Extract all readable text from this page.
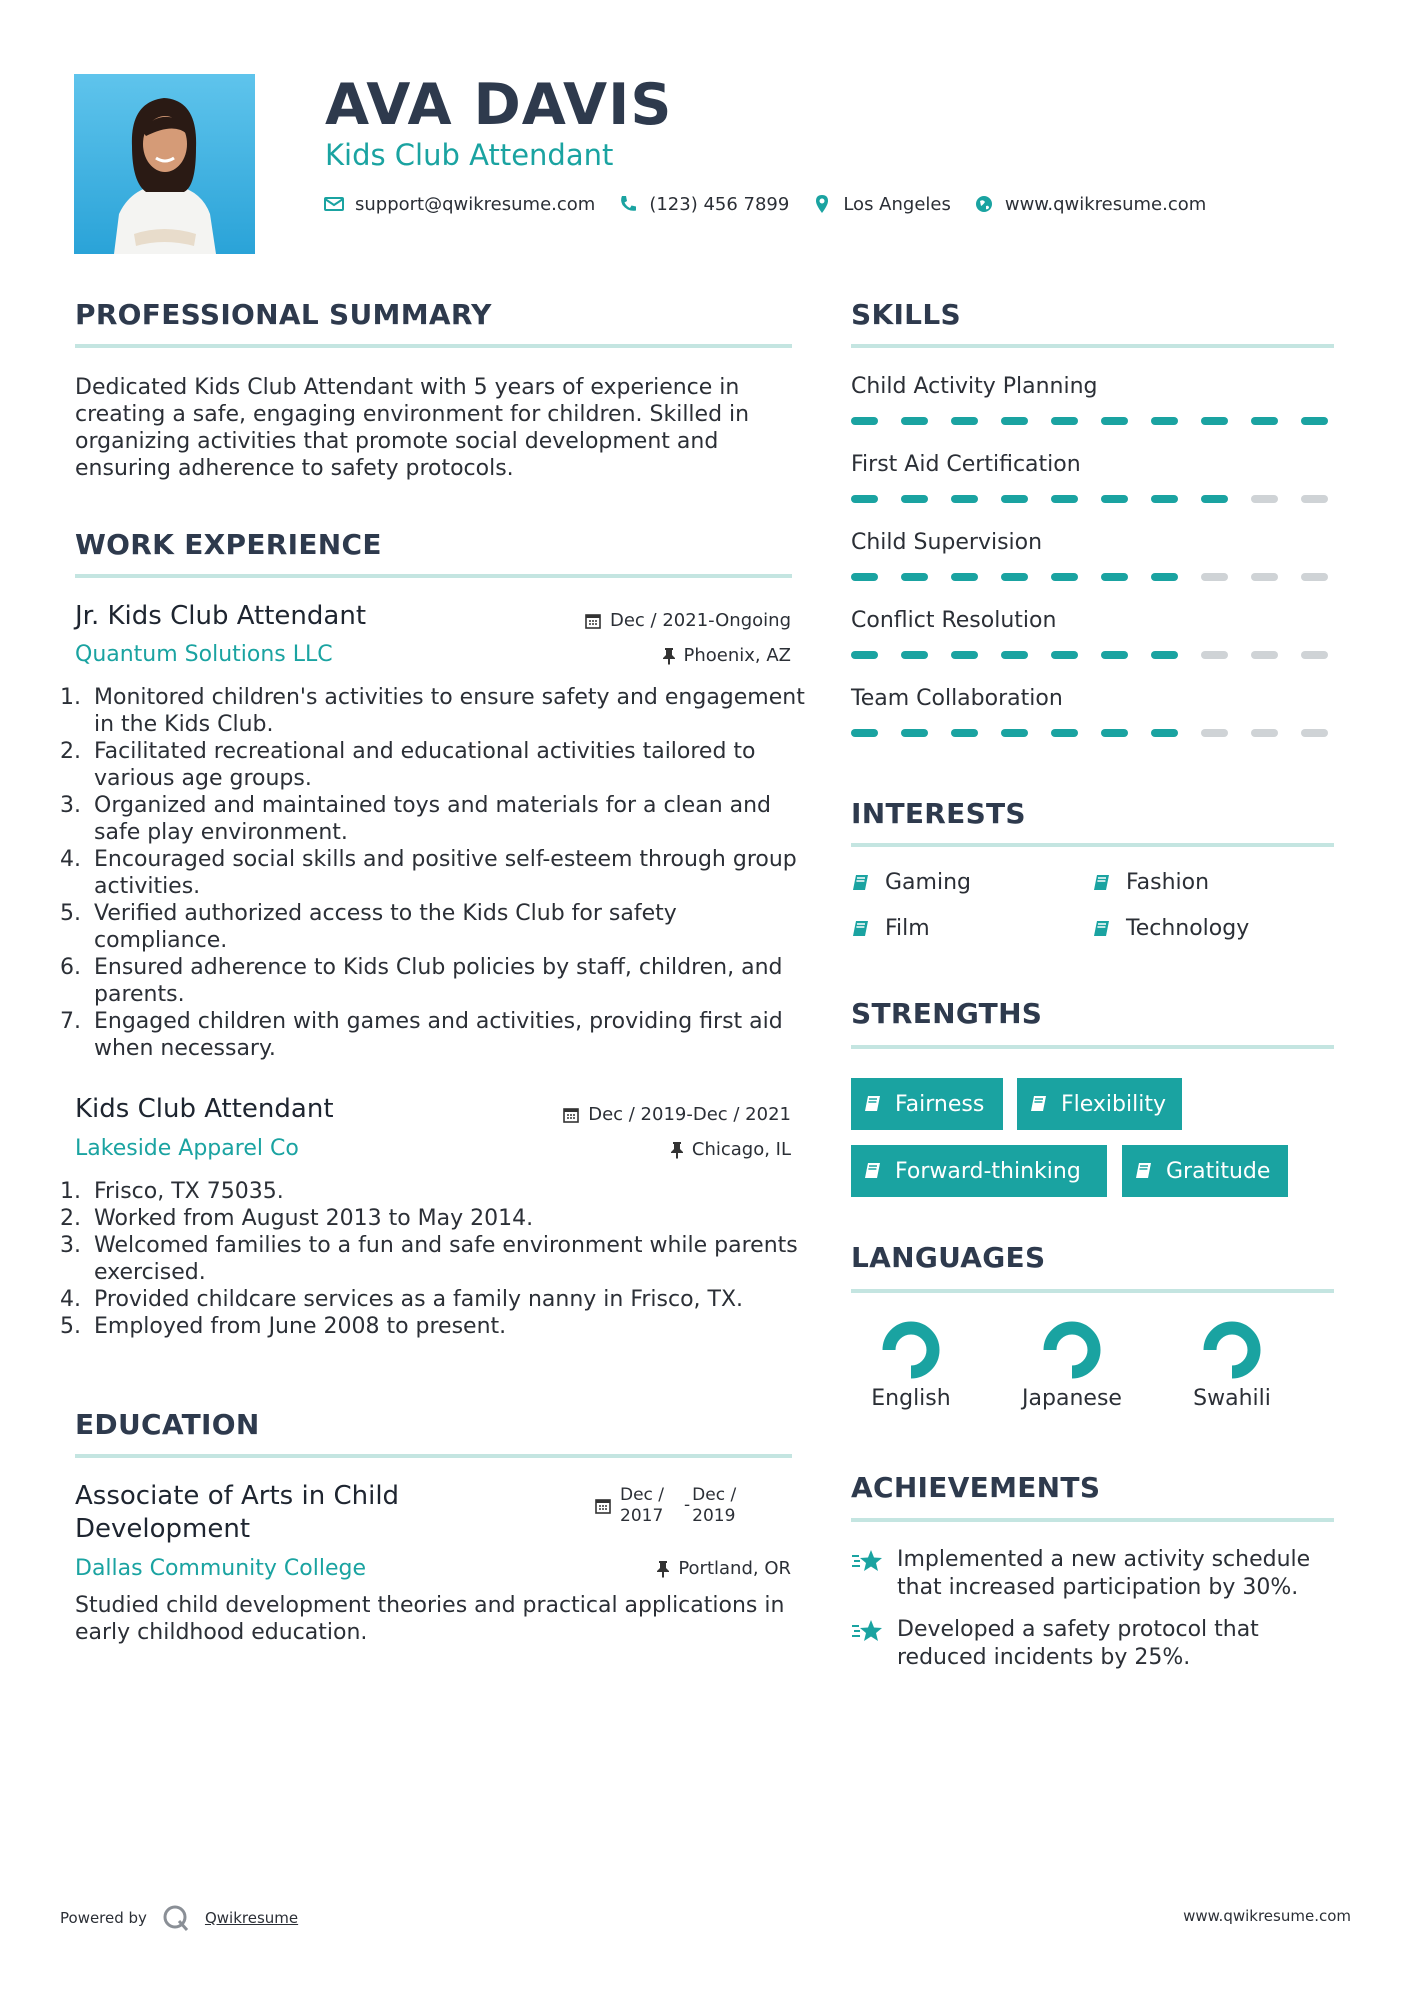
AVA DAVIS
Kids Club Attendant
support@qwikresume.com	(123) 456 7899	Los Angeles	www.qwikresume.com
PROFESSIONAL SUMMARY
Dedicated Kids Club Attendant with 5 years of experience in creating a safe, engaging environment for children. Skilled in organizing activities that promote social development and ensuring adherence to safety protocols.
WORK EXPERIENCE
Jr. Kids Club Attendant	Dec / 2021-Ongoing
Quantum Solutions LLC	Phoenix, AZ
1. Monitored children's activities to ensure safety and engagement in the Kids Club.
2. Facilitated recreational and educational activities tailored to various age groups.
3. Organized and maintained toys and materials for a clean and safe play environment.
4. Encouraged social skills and positive self-esteem through group activities.
5. Verified authorized access to the Kids Club for safety compliance.
6. Ensured adherence to Kids Club policies by staff, children, and parents.
7. Engaged children with games and activities, providing first aid when necessary.
Kids Club Attendant	Dec / 2019-Dec / 2021
Lakeside Apparel Co	Chicago, IL
1. Frisco, TX 75035.
2. Worked from August 2013 to May 2014.
3. Welcomed families to a fun and safe environment while parents exercised.
4. Provided childcare services as a family nanny in Frisco, TX.
5. Employed from June 2008 to present.
EDUCATION
Associate of Arts in Child
Development
Dec /
2017
- Dec /
2019
Dallas Community College	Portland, OR
Studied child development theories and practical applications in early childhood education.
SKILLS
Child Activity Planning
First Aid Certification
Child Supervision
Conflict Resolution
Team Collaboration
INTERESTS
Gaming	Fashion
Film	Technology
STRENGTHS
Fairness	Flexibility
Forward-thinking	Gratitude
LANGUAGES
English	Japanese	Swahili
ACHIEVEMENTS
Implemented a new activity schedule that increased participation by 30%.
Developed a safety protocol that reduced incidents by 25%.
Powered by	Qwikresume	www.qwikresume.com
